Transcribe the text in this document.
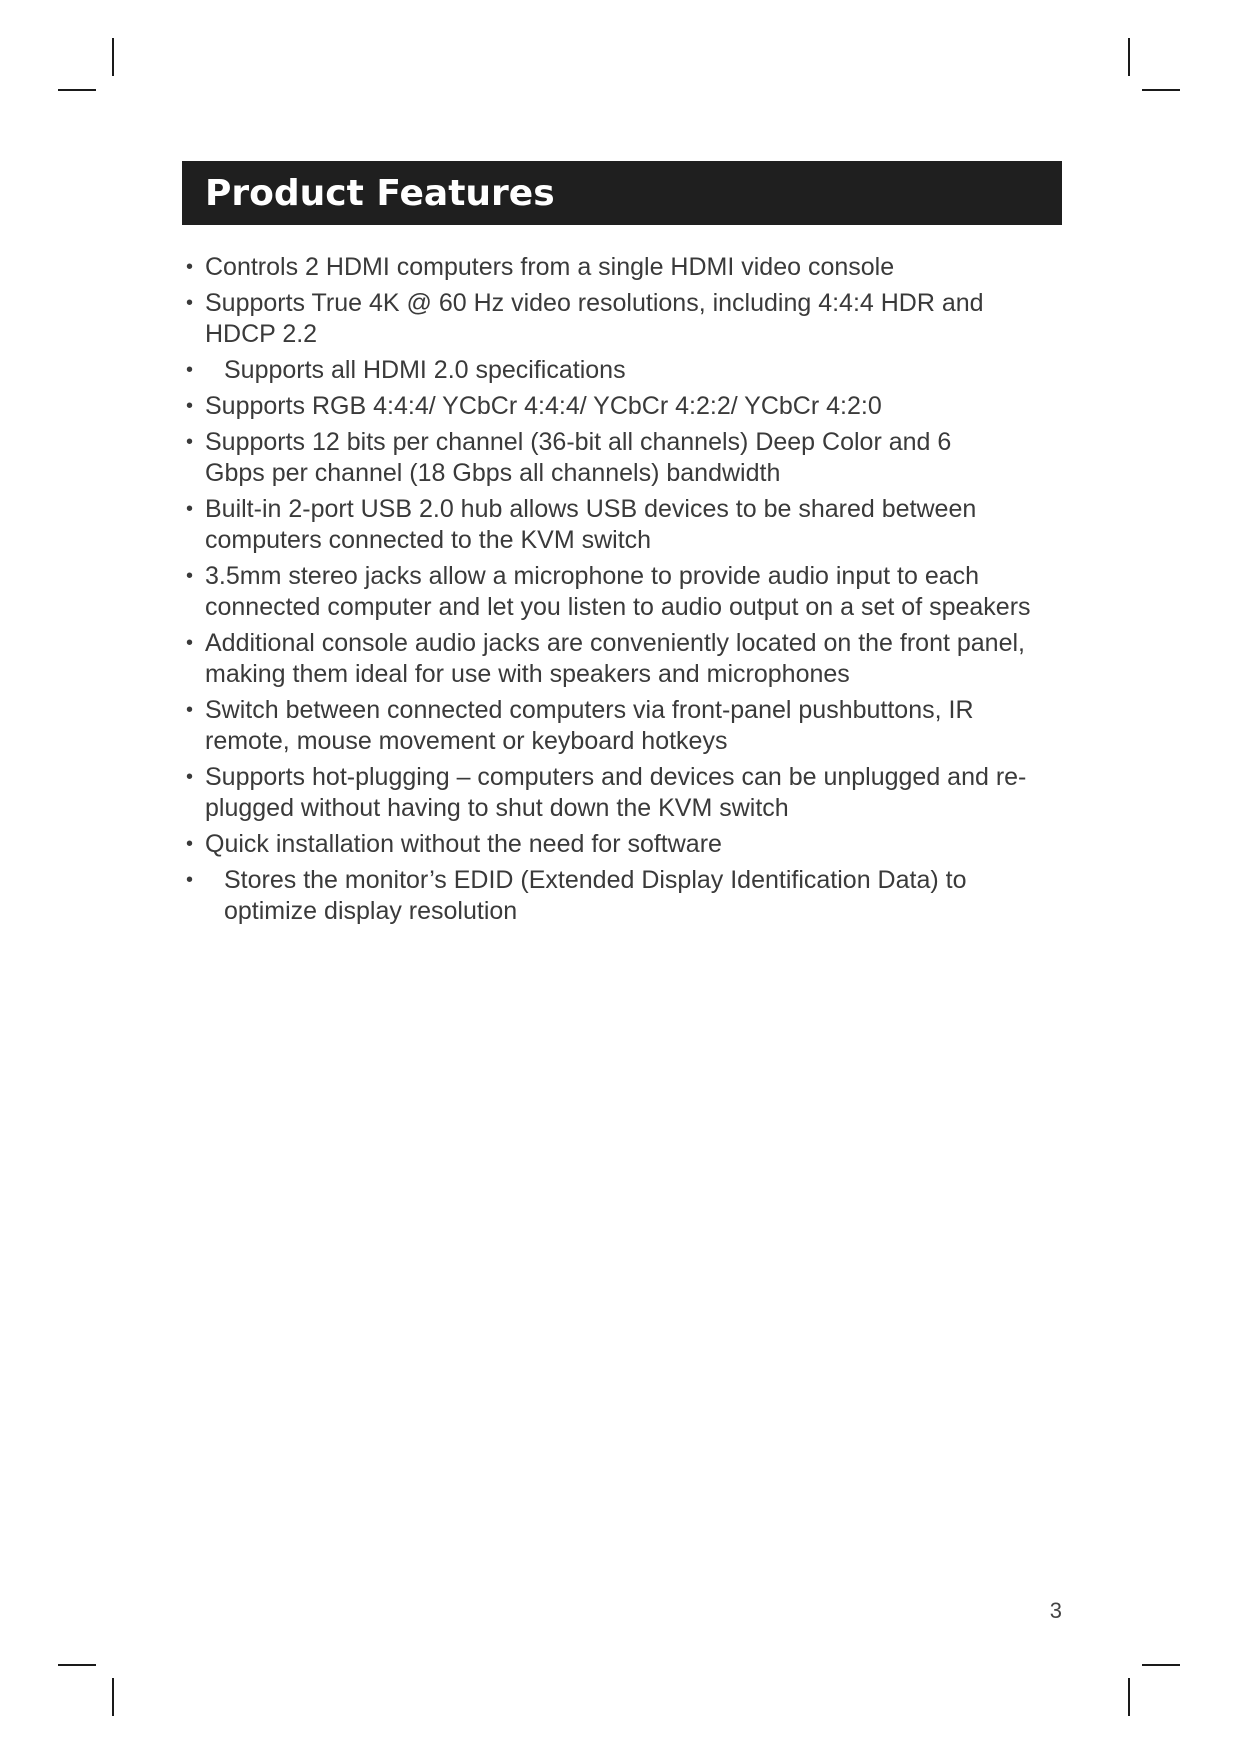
Product Features
• Controls 2 HDMI computers from a single HDMI video console
• Supports True 4K @ 60 Hz video resolutions, including 4:4:4 HDR and HDCP 2.2
•	Supports all HDMI 2.0 specifications
• Supports RGB 4:4:4/ YCbCr 4:4:4/ YCbCr 4:2:2/ YCbCr 4:2:0
• Supports 12 bits per channel (36-bit all channels) Deep Color and 6 Gbps per channel (18 Gbps all channels) bandwidth
• Built-in 2-port USB 2.0 hub allows USB devices to be shared between computers connected to the KVM switch
• 3.5mm stereo jacks allow a microphone to provide audio input to each connected computer and let you listen to audio output on a set of speakers
• Additional console audio jacks are conveniently located on the front panel, making them ideal for use with speakers and microphones
• Switch between connected computers via front-panel pushbuttons, IR remote, mouse movement or keyboard hotkeys
• Supports hot-plugging – computers and devices can be unplugged and re-plugged without having to shut down the KVM switch
• Quick installation without the need for software
•	Stores the monitor’s EDID (Extended Display Identification Data) to optimize display resolution
3
